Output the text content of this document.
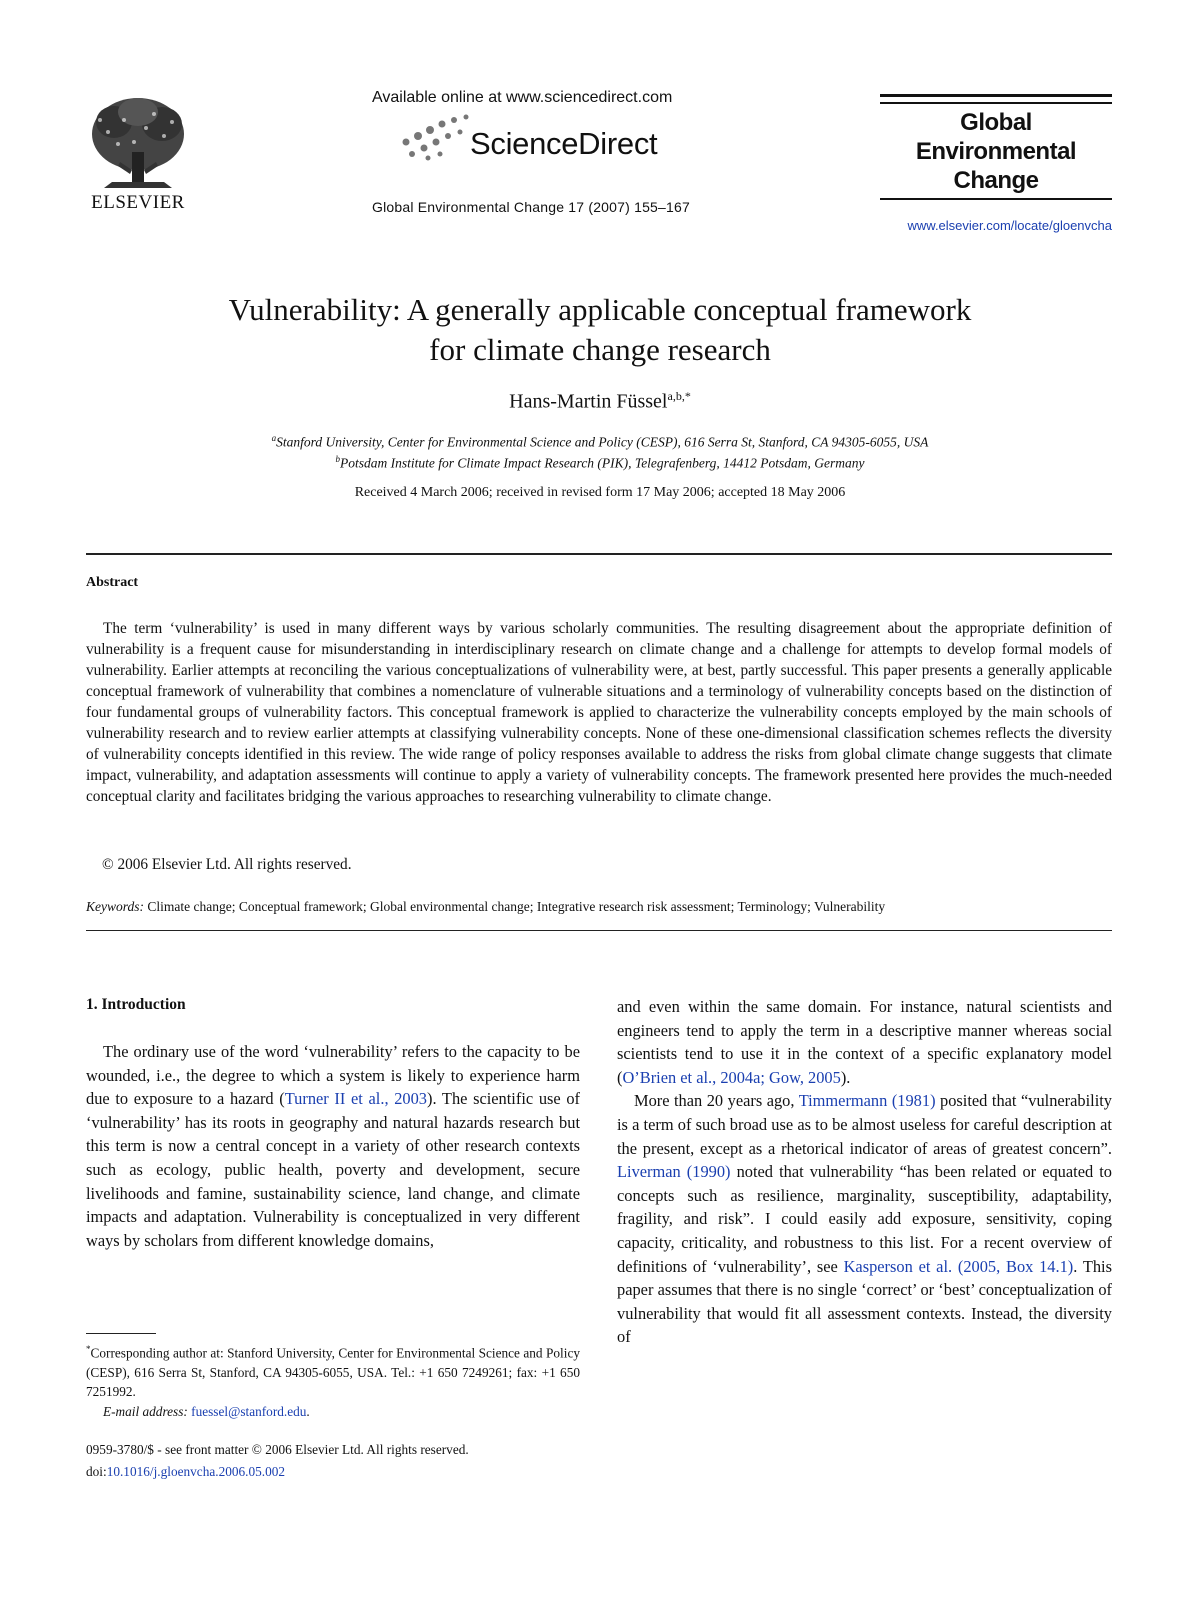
ELSEVIER
Available online at www.sciencedirect.com
ScienceDirect
Global Environmental Change 17 (2007) 155–167
Global
Environmental
Change
www.elsevier.com/locate/gloenvcha
Vulnerability: A generally applicable conceptual framework
for climate change research
Hans-Martin Füssel$^{a,b,*}$
$^a$Stanford University, Center for Environmental Science and Policy (CESP), 616 Serra St, Stanford, CA 94305-6055, USA
$^b$Potsdam Institute for Climate Impact Research (PIK), Telegrafenberg, 14412 Potsdam, Germany
Received 4 March 2006; received in revised form 17 May 2006; accepted 18 May 2006
Abstract
The term ‘vulnerability’ is used in many different ways by various scholarly communities. The resulting disagreement about the appropriate definition of vulnerability is a frequent cause for misunderstanding in interdisciplinary research on climate change and a challenge for attempts to develop formal models of vulnerability. Earlier attempts at reconciling the various conceptualizations of vulnerability were, at best, partly successful. This paper presents a generally applicable conceptual framework of vulnerability that combines a nomenclature of vulnerable situations and a terminology of vulnerability concepts based on the distinction of four fundamental groups of vulnerability factors. This conceptual framework is applied to characterize the vulnerability concepts employed by the main schools of vulnerability research and to review earlier attempts at classifying vulnerability concepts. None of these one-dimensional classification schemes reflects the diversity of vulnerability concepts identified in this review. The wide range of policy responses available to address the risks from global climate change suggests that climate impact, vulnerability, and adaptation assessments will continue to apply a variety of vulnerability concepts. The framework presented here provides the much-needed conceptual clarity and facilitates bridging the various approaches to researching vulnerability to climate change.
© 2006 Elsevier Ltd. All rights reserved.
Keywords: Climate change; Conceptual framework; Global environmental change; Integrative research risk assessment; Terminology; Vulnerability
1. Introduction

The ordinary use of the word ‘vulnerability’ refers to the capacity to be wounded, i.e., the degree to which a system is likely to experience harm due to exposure to a hazard (Turner II et al., 2003). The scientific use of ‘vulnerability’ has its roots in geography and natural hazards research but this term is now a central concept in a variety of other research contexts such as ecology, public health, poverty and development, secure livelihoods and famine, sustainability science, land change, and climate impacts and adaptation. Vulnerability is conceptualized in very different ways by scholars from different knowledge domains,

and even within the same domain. For instance, natural scientists and engineers tend to apply the term in a descriptive manner whereas social scientists tend to use it in the context of a specific explanatory model (O’Brien et al., 2004a; Gow, 2005).

More than 20 years ago, Timmermann (1981) posited that “vulnerability is a term of such broad use as to be almost useless for careful description at the present, except as a rhetorical indicator of areas of greatest concern”. Liverman (1990) noted that vulnerability “has been related or equated to concepts such as resilience, marginality, susceptibility, adaptability, fragility, and risk”. I could easily add exposure, sensitivity, coping capacity, criticality, and robustness to this list. For a recent overview of definitions of ‘vulnerability’, see Kasperson et al. (2005, Box 14.1). This paper assumes that there is no single ‘correct’ or ‘best’ conceptualization of vulnerability that would fit all assessment contexts. Instead, the diversity of

*Corresponding author at: Stanford University, Center for Environmental Science and Policy (CESP), 616 Serra St, Stanford, CA 94305-6055, USA. Tel.: +1 650 7249261; fax: +1 650 7251992.
E-mail address: fuessel@stanford.edu.
0959-3780/$ - see front matter © 2006 Elsevier Ltd. All rights reserved.
doi:10.1016/j.gloenvcha.2006.05.002
